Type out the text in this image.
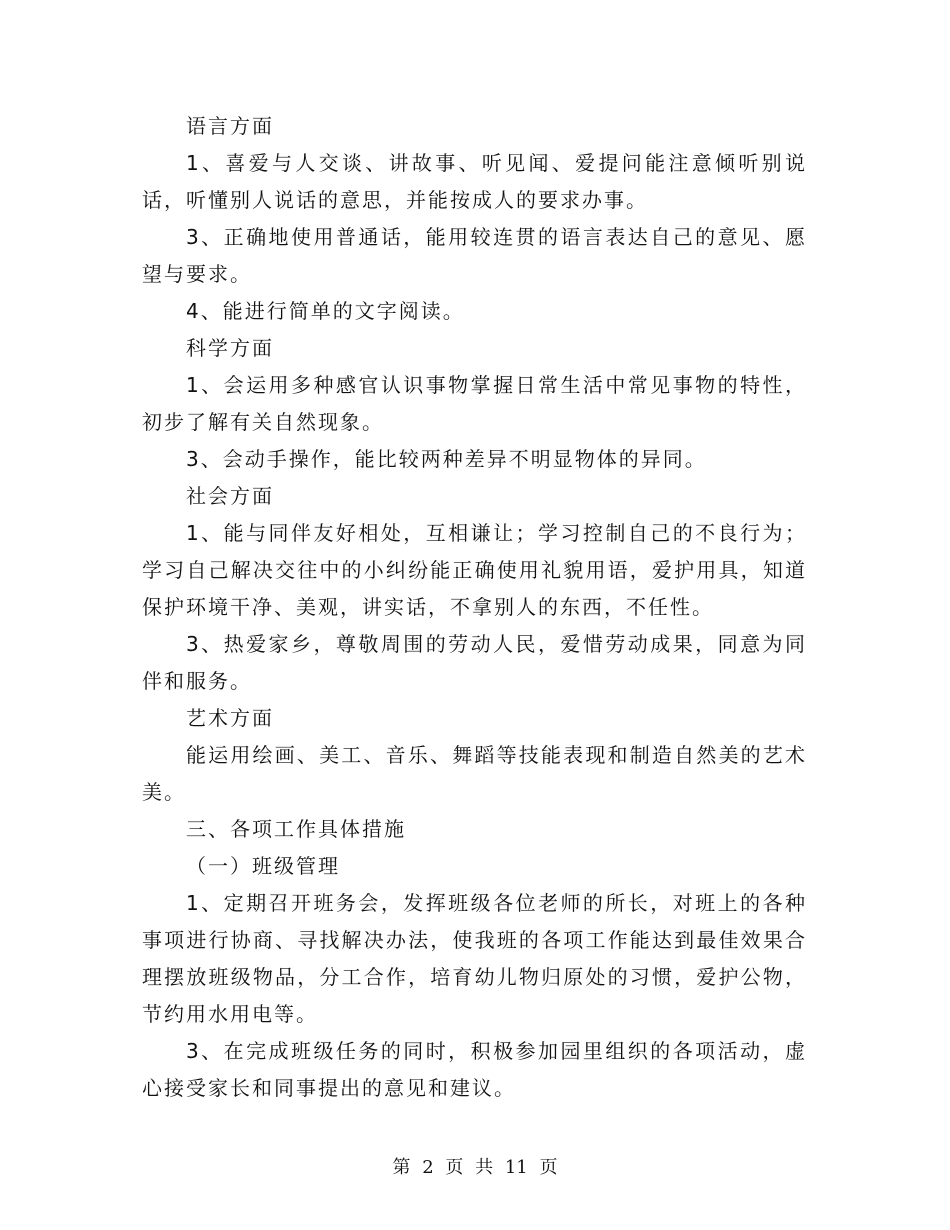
语言方面

1、喜爱与人交谈、讲故事、听见闻、爱提问能注意倾听别说话，听懂别人说话的意思，并能按成人的要求办事。

3、正确地使用普通话，能用较连贯的语言表达自己的意见、愿望与要求。

4、能进行简单的文字阅读。

科学方面

1、会运用多种感官认识事物掌握日常生活中常见事物的特性，初步了解有关自然现象。

3、会动手操作，能比较两种差异不明显物体的异同。

社会方面

1、能与同伴友好相处，互相谦让；学习控制自己的不良行为；学习自己解决交往中的小纠纷能正确使用礼貌用语，爱护用具，知道保护环境干净、美观，讲实话，不拿别人的东西，不任性。

3、热爱家乡，尊敬周围的劳动人民，爱惜劳动成果，同意为同伴和服务。

艺术方面

能运用绘画、美工、音乐、舞蹈等技能表现和制造自然美的艺术美。

三、各项工作具体措施

（一）班级管理

1、定期召开班务会，发挥班级各位老师的所长，对班上的各种事项进行协商、寻找解决办法，使我班的各项工作能达到最佳效果合理摆放班级物品，分工合作，培育幼儿物归原处的习惯，爱护公物，节约用水用电等。

3、在完成班级任务的同时，积极参加园里组织的各项活动，虚心接受家长和同事提出的意见和建议。

第 2 页 共 11 页
